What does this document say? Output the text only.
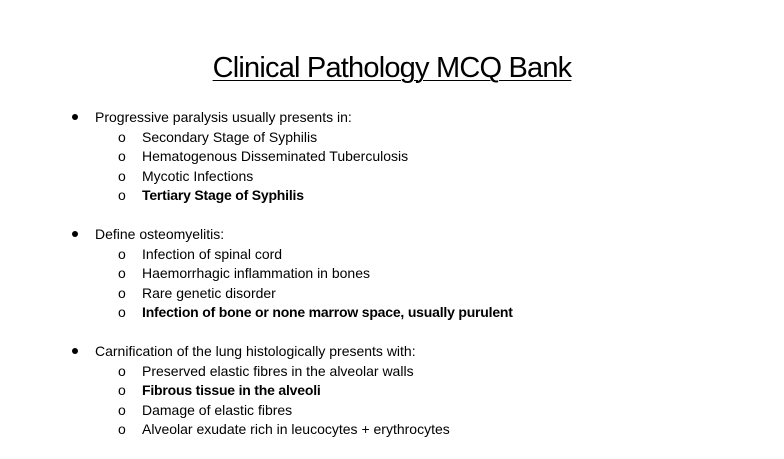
Clinical Pathology MCQ Bank
Progressive paralysis usually presents in:
o Secondary Stage of Syphilis
o Hematogenous Disseminated Tuberculosis
o Mycotic Infections
o Tertiary Stage of Syphilis
Define osteomyelitis:
o Infection of spinal cord
o Haemorrhagic inflammation in bones
o Rare genetic disorder
o Infection of bone or none marrow space, usually purulent
Carnification of the lung histologically presents with:
o Preserved elastic fibres in the alveolar walls
o Fibrous tissue in the alveoli
o Damage of elastic fibres
o Alveolar exudate rich in leucocytes + erythrocytes
